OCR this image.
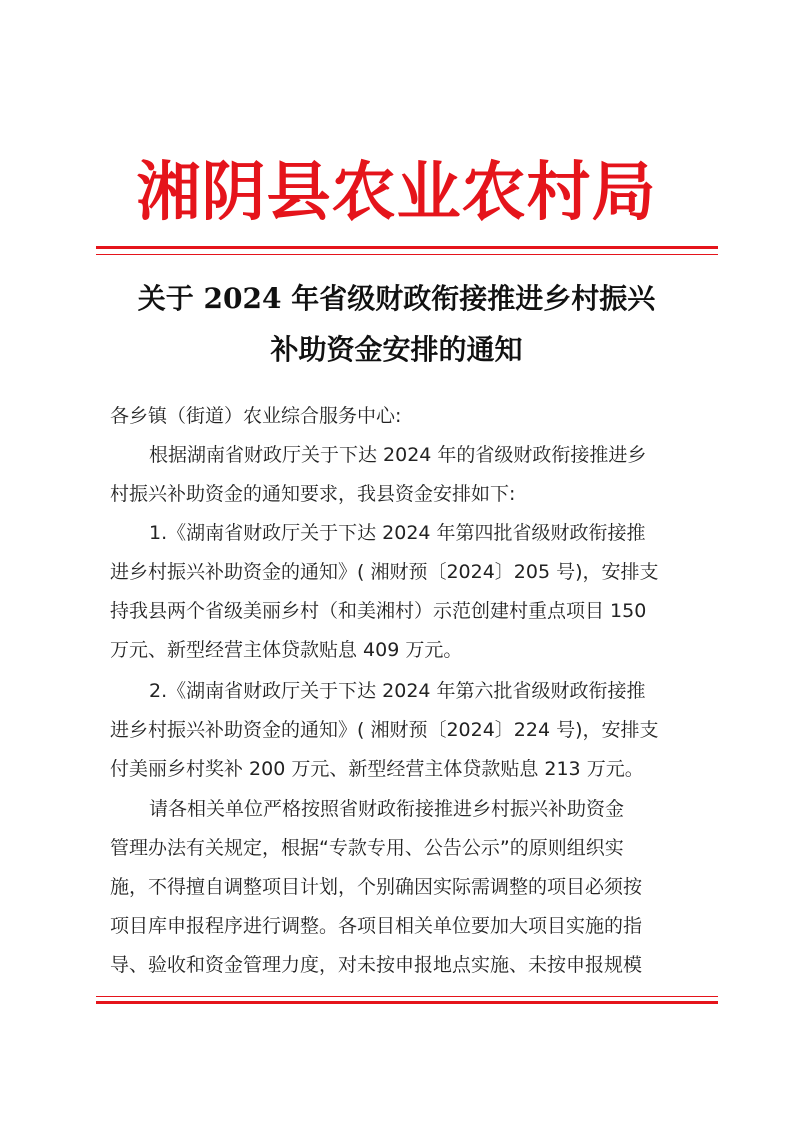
湘阴县农业农村局
关于 2024 年省级财政衔接推进乡村振兴
补助资金安排的通知
各乡镇（街道）农业综合服务中心:
根据湖南省财政厅关于下达 2024 年的省级财政衔接推进乡
村振兴补助资金的通知要求，我县资金安排如下:
1.《湖南省财政厅关于下达 2024 年第四批省级财政衔接推
进乡村振兴补助资金的通知》( 湘财预〔2024〕205 号)，安排支
持我县两个省级美丽乡村（和美湘村）示范创建村重点项目 150
万元、新型经营主体贷款贴息 409 万元。
2.《湖南省财政厅关于下达 2024 年第六批省级财政衔接推
进乡村振兴补助资金的通知》( 湘财预〔2024〕224 号)，安排支
付美丽乡村奖补 200 万元、新型经营主体贷款贴息 213 万元。
请各相关单位严格按照省财政衔接推进乡村振兴补助资金
管理办法有关规定，根据“专款专用、公告公示”的原则组织实
施，不得擅自调整项目计划，个别确因实际需调整的项目必须按
项目库申报程序进行调整。各项目相关单位要加大项目实施的指
导、验收和资金管理力度，对未按申报地点实施、未按申报规模
